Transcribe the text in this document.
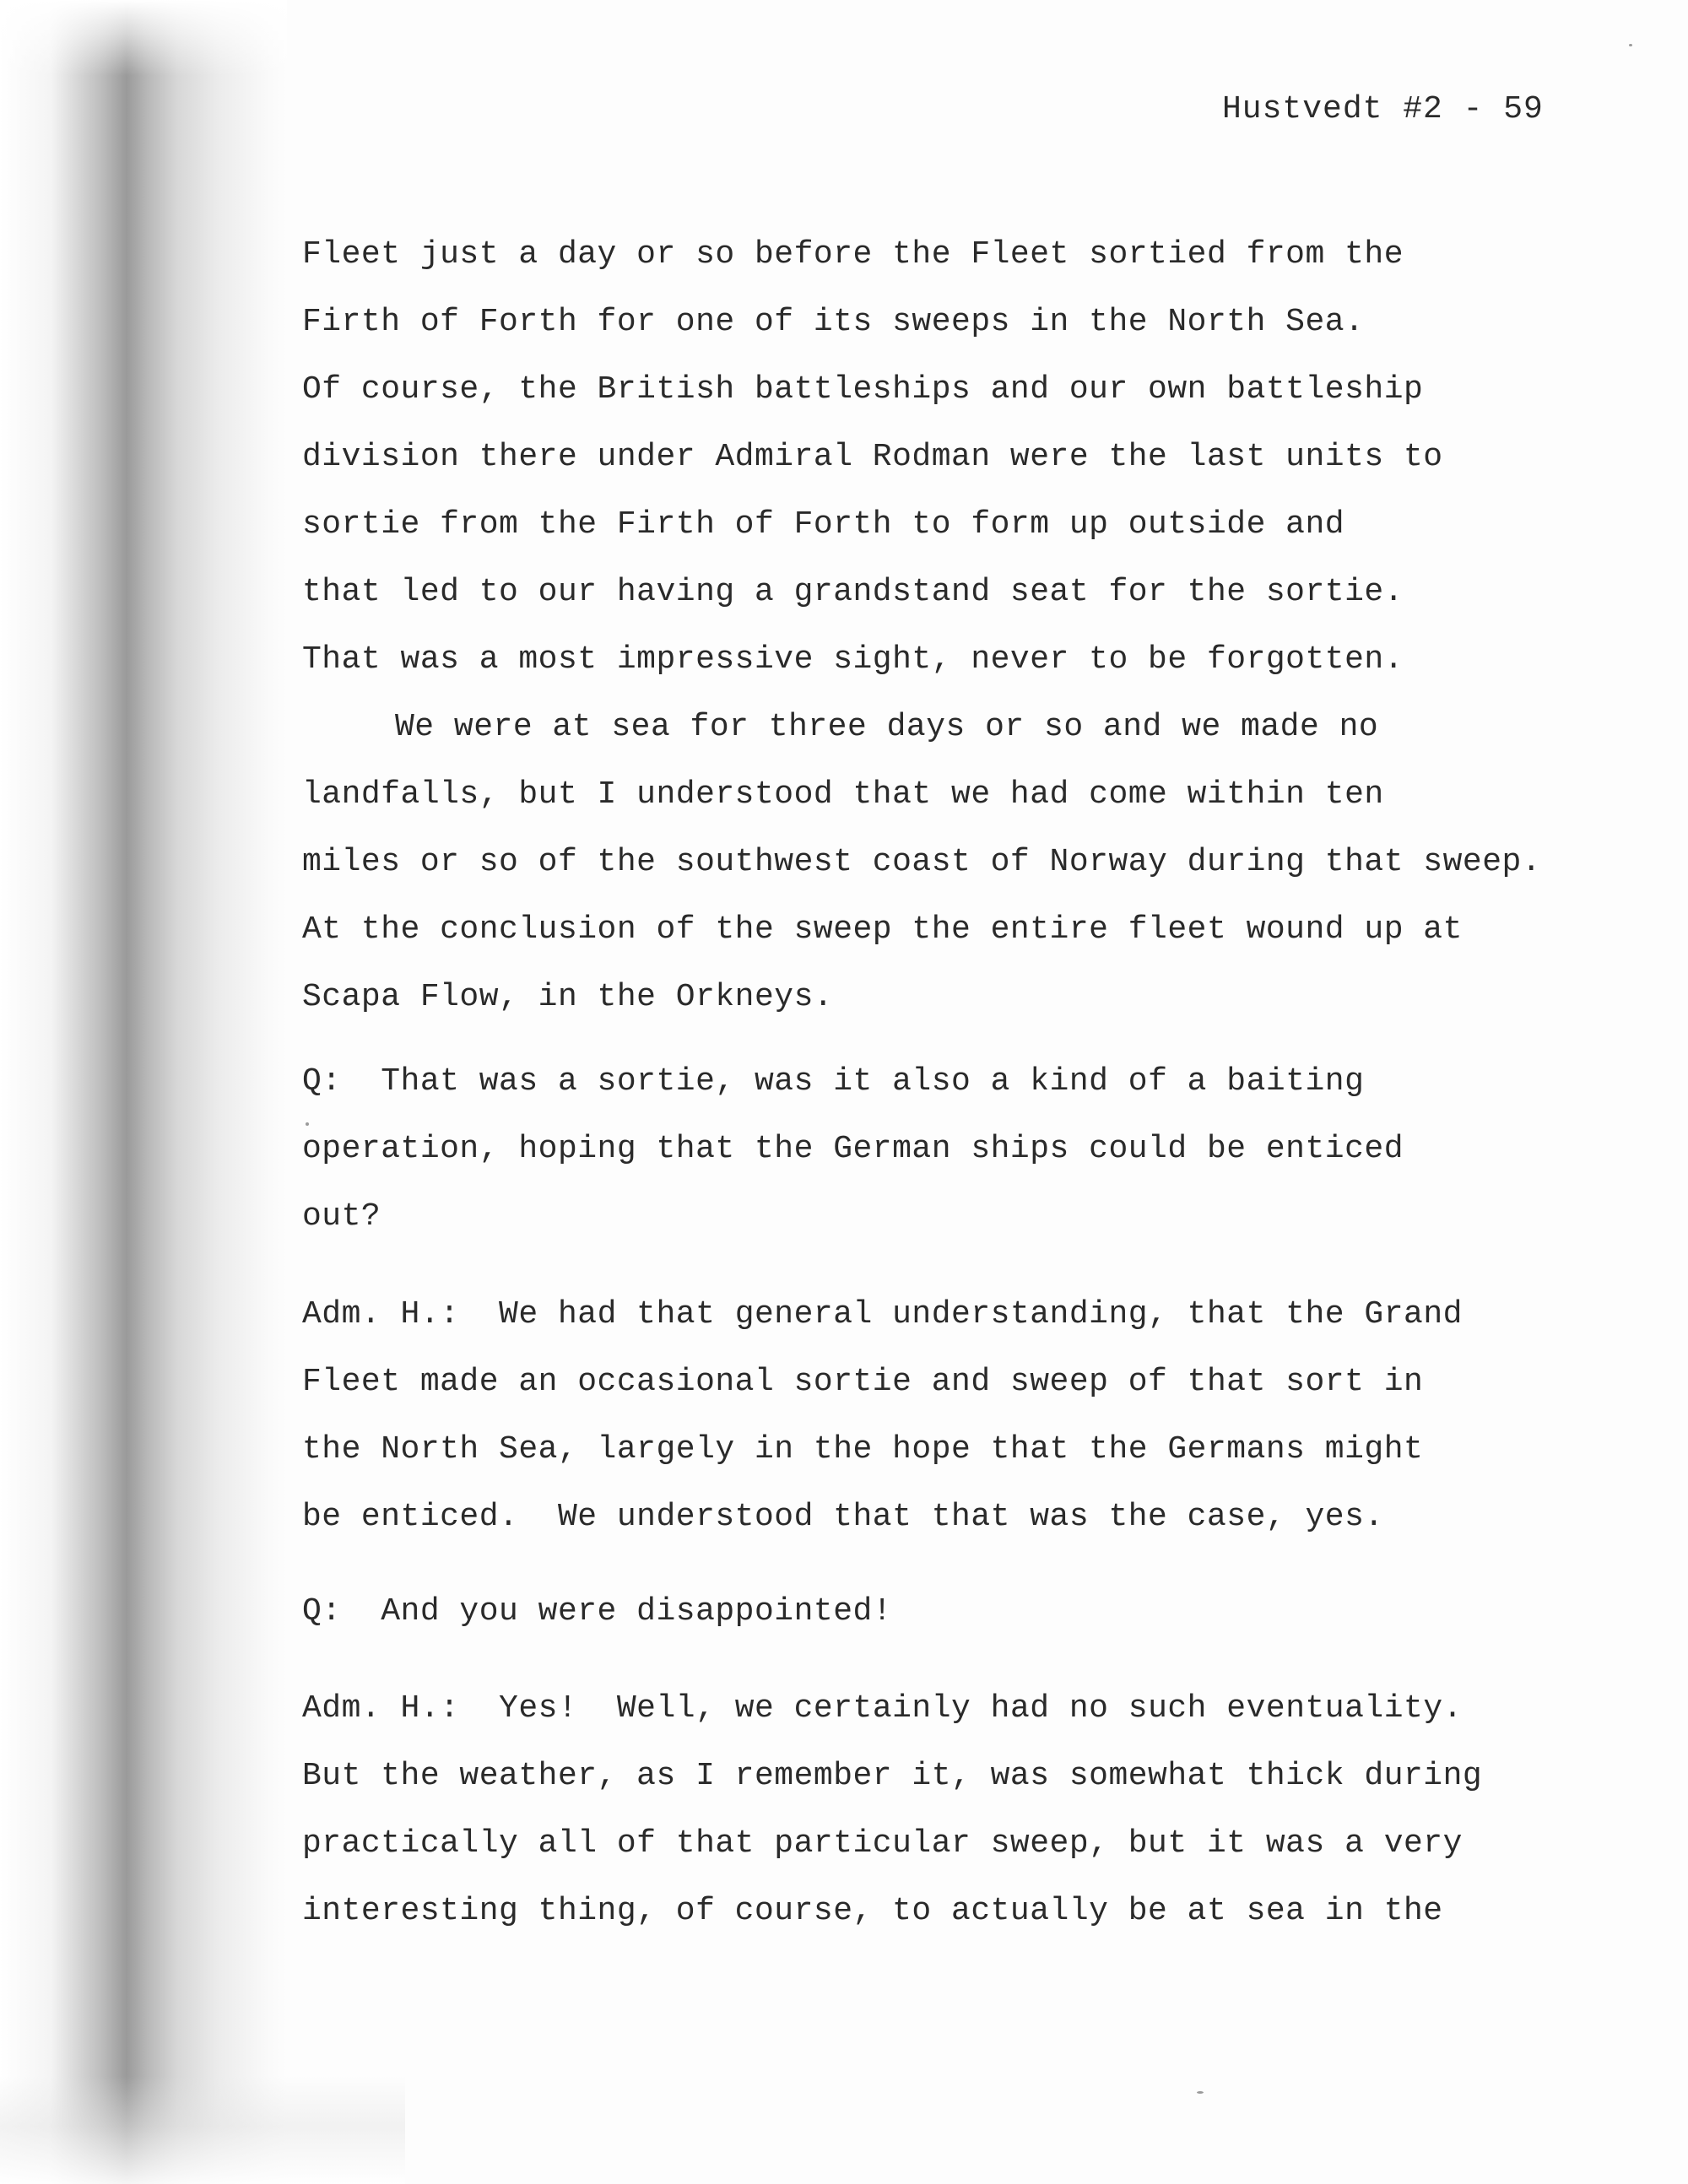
Hustvedt #2 - 59
Fleet just a day or so before the Fleet sortied from the
Firth of Forth for one of its sweeps in the North Sea.
Of course, the British battleships and our own battleship
division there under Admiral Rodman were the last units to
sortie from the Firth of Forth to form up outside and
that led to our having a grandstand seat for the sortie.
That was a most impressive sight, never to be forgotten.
We were at sea for three days or so and we made no
landfalls, but I understood that we had come within ten
miles or so of the southwest coast of Norway during that sweep.
At the conclusion of the sweep the entire fleet wound up at
Scapa Flow, in the Orkneys.
Q: That was a sortie, was it also a kind of a baiting
operation, hoping that the German ships could be enticed
out?
Adm. H.: We had that general understanding, that the Grand
Fleet made an occasional sortie and sweep of that sort in
the North Sea, largely in the hope that the Germans might
be enticed.  We understood that that was the case, yes.
Q: And you were disappointed!
Adm. H.: Yes!  Well, we certainly had no such eventuality.
But the weather, as I remember it, was somewhat thick during
practically all of that particular sweep, but it was a very
interesting thing, of course, to actually be at sea in the
